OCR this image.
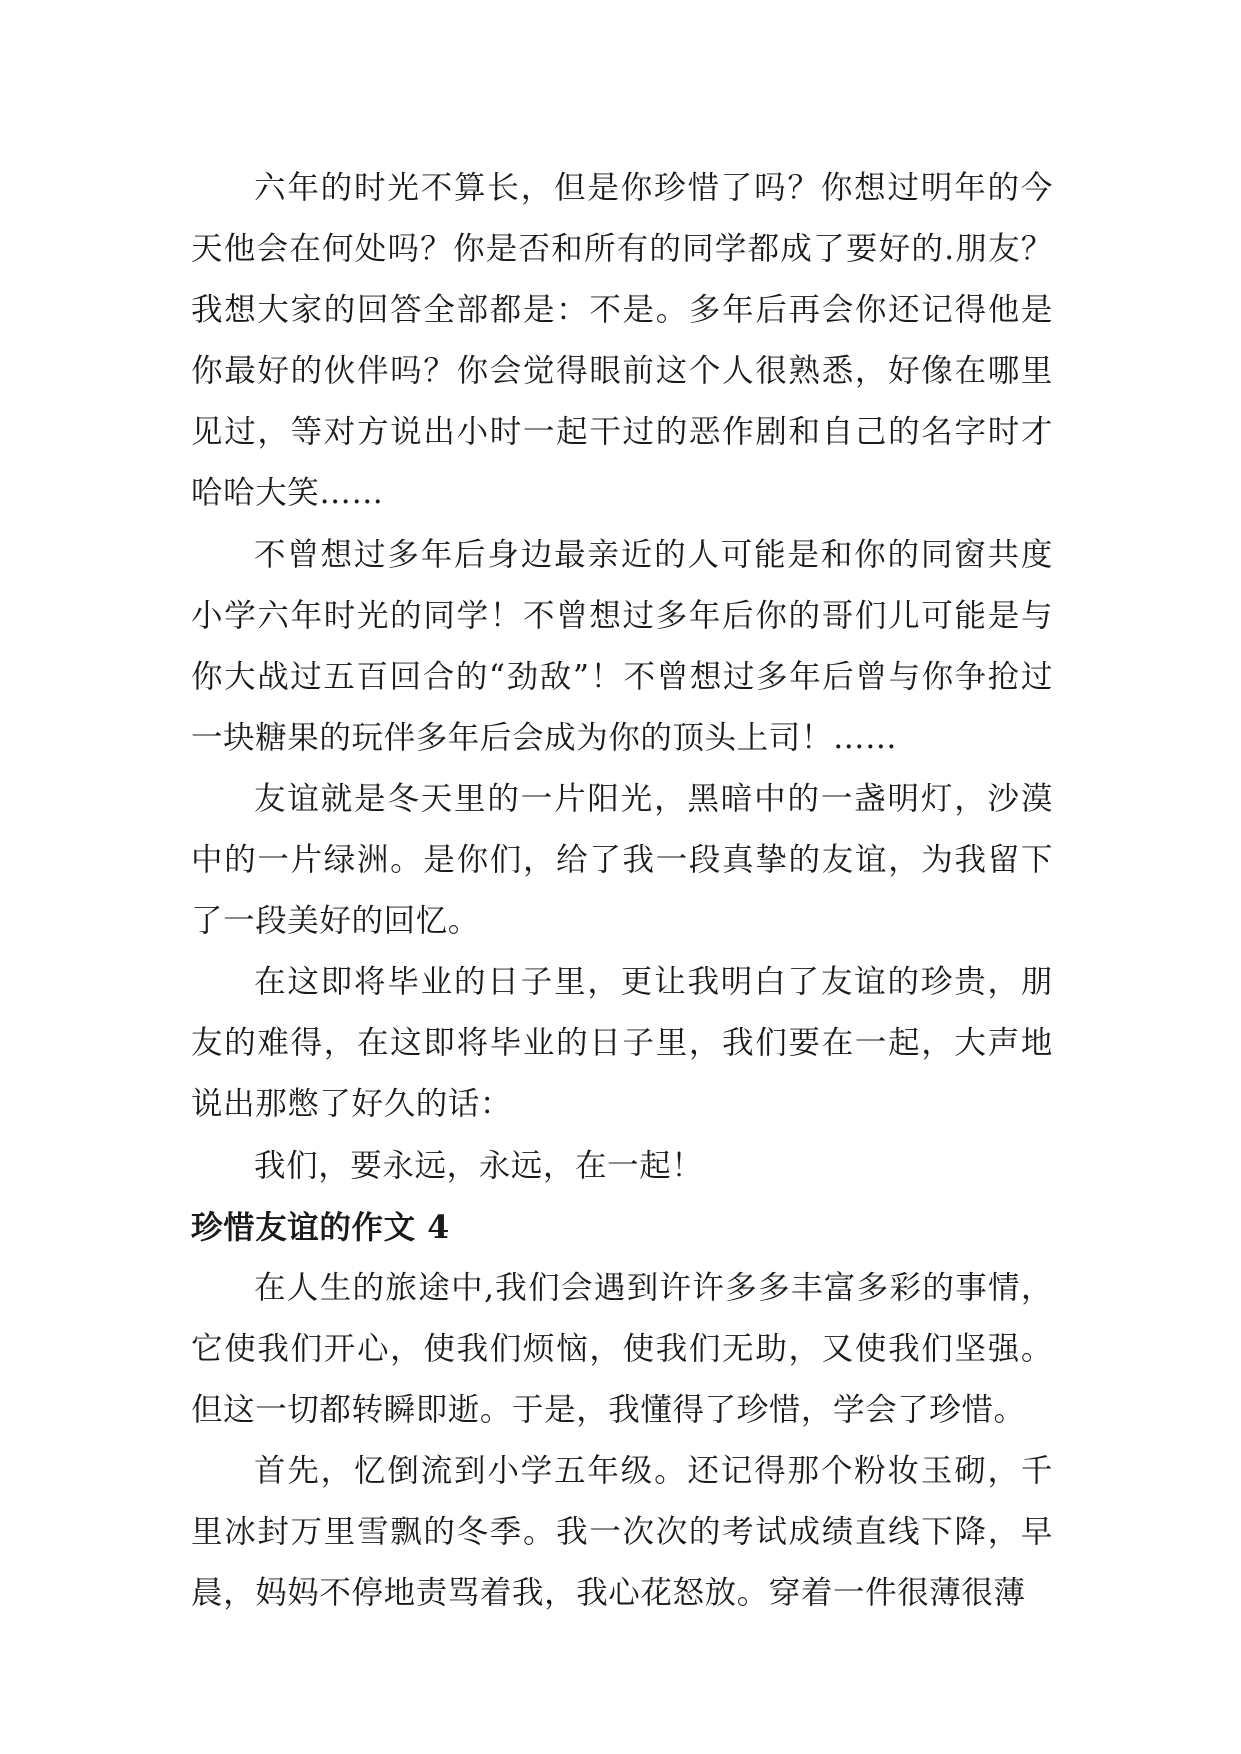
六年的时光不算长，但是你珍惜了吗？你想过明年的今天他会在何处吗？你是否和所有的同学都成了要好的.朋友？我想大家的回答全部都是：不是。多年后再会你还记得他是你最好的伙伴吗？你会觉得眼前这个人很熟悉，好像在哪里见过，等对方说出小时一起干过的恶作剧和自己的名字时才哈哈大笑……

不曾想过多年后身边最亲近的人可能是和你的同窗共度小学六年时光的同学！不曾想过多年后你的哥们儿可能是与你大战过五百回合的“劲敌”！不曾想过多年后曾与你争抢过一块糖果的玩伴多年后会成为你的顶头上司！……

友谊就是冬天里的一片阳光，黑暗中的一盏明灯，沙漠中的一片绿洲。是你们，给了我一段真挚的友谊，为我留下了一段美好的回忆。

在这即将毕业的日子里，更让我明白了友谊的珍贵，朋友的难得，在这即将毕业的日子里，我们要在一起，大声地说出那憋了好久的话：

我们，要永远，永远，在一起！

珍惜友谊的作文 4

在人生的旅途中,我们会遇到许许多多丰富多彩的事情，它使我们开心，使我们烦恼，使我们无助，又使我们坚强。但这一切都转瞬即逝。于是，我懂得了珍惜，学会了珍惜。

首先，忆倒流到小学五年级。还记得那个粉妆玉砌，千里冰封万里雪飘的冬季。我一次次的考试成绩直线下降，早晨，妈妈不停地责骂着我，我心花怒放。穿着一件很薄很薄
